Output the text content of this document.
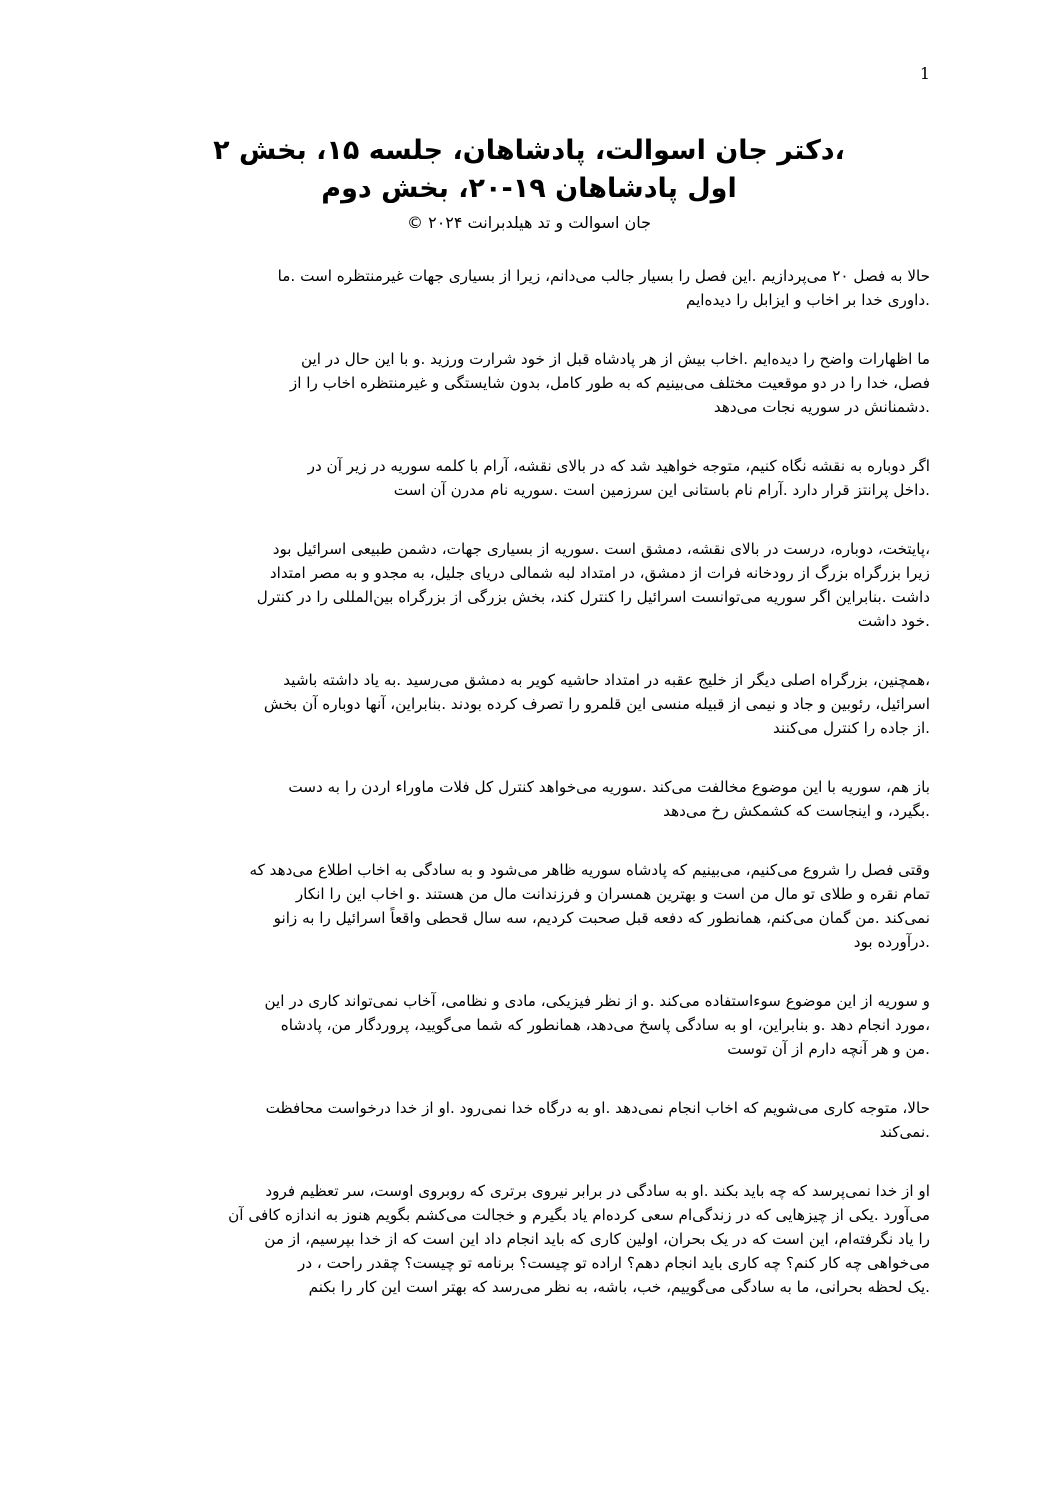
1
،دکتر جان اسوالت، پادشاهان، جلسه ۱۵، بخش ۲
اول پادشاهان ۱۹-۲۰، بخش دوم
جان اسوالت و تد هیلدبرانت ۲۰۲۴ ©
حالا به فصل ۲۰ می‌پردازیم .این فصل را بسیار جالب می‌دانم، زیرا از بسیاری جهات غیرمنتظره است .ما
.داوری خدا بر اخاب و ایزابل را دیده‌ایم
ما اظهارات واضح را دیده‌ایم .اخاب بیش از هر پادشاه قبل از خود شرارت ورزید .و با این حال در این
فصل، خدا را در دو موقعیت مختلف می‌بینیم که به طور کامل، بدون شایستگی و غیرمنتظره اخاب را از
.دشمنانش در سوریه نجات می‌دهد
اگر دوباره به نقشه نگاه کنیم، متوجه خواهید شد که در بالای نقشه، آرام با کلمه سوریه در زیر آن در
.داخل پرانتز قرار دارد .آرام نام باستانی این سرزمین است .سوریه نام مدرن آن است
،پایتخت، دوباره، درست در بالای نقشه، دمشق است .سوریه از بسیاری جهات، دشمن طبیعی اسرائیل بود
زیرا بزرگراه بزرگ از رودخانه فرات از دمشق، در امتداد لبه شمالی دریای جلیل، به مجدو و به مصر امتداد
داشت .بنابراین اگر سوریه می‌توانست اسرائیل را کنترل کند، بخش بزرگی از بزرگراه بین‌المللی را در کنترل
.خود داشت
،همچنین، بزرگراه اصلی دیگر از خلیج عقبه در امتداد حاشیه کویر به دمشق می‌رسید .به یاد داشته باشید
اسرائیل، رئوبین و جاد و نیمی از قبیله منسی این قلمرو را تصرف کرده بودند .بنابراین، آنها دوباره آن بخش
.از جاده را کنترل می‌کنند
باز هم، سوریه با این موضوع مخالفت می‌کند .سوریه می‌خواهد کنترل کل فلات ماوراء اردن را به دست
.بگیرد، و اینجاست که کشمکش رخ می‌دهد
وقتی فصل را شروع می‌کنیم، می‌بینیم که پادشاه سوریه ظاهر می‌شود و به سادگی به اخاب اطلاع می‌دهد که
تمام نقره و طلای تو مال من است و بهترین همسران و فرزندانت مال من هستند .و اخاب این را انکار
نمی‌کند .من گمان می‌کنم، همانطور که دفعه قبل صحبت کردیم، سه سال قحطی واقعاً اسرائیل را به زانو
.درآورده بود
و سوریه از این موضوع سوءاستفاده می‌کند .و از نظر فیزیکی، مادی و نظامی، آخاب نمی‌تواند کاری در این
،مورد انجام دهد .و بنابراین، او به سادگی پاسخ می‌دهد، همانطور که شما می‌گویید، پروردگار من، پادشاه
.من و هر آنچه دارم از آن توست
حالا، متوجه کاری می‌شویم که اخاب انجام نمی‌دهد .او به درگاه خدا نمی‌رود .او از خدا درخواست محافظت
.نمی‌کند
او از خدا نمی‌پرسد که چه باید بکند .او به سادگی در برابر نیروی برتری که روبروی اوست، سر تعظیم فرود
می‌آورد .یکی از چیزهایی که در زندگی‌ام سعی کرده‌ام یاد بگیرم و خجالت می‌کشم بگویم هنوز به اندازه کافی آن
را یاد نگرفته‌ام، این است که در یک بحران، اولین کاری که باید انجام داد این است که از خدا بپرسیم، از من
می‌خواهی چه کار کنم؟ چه کاری باید انجام دهم؟ اراده تو چیست؟ برنامه تو چیست؟ چقدر راحت ، در
.یک لحظه بحرانی، ما به سادگی می‌گوییم، خب، باشه، به نظر می‌رسد که بهتر است این کار را بکنم
